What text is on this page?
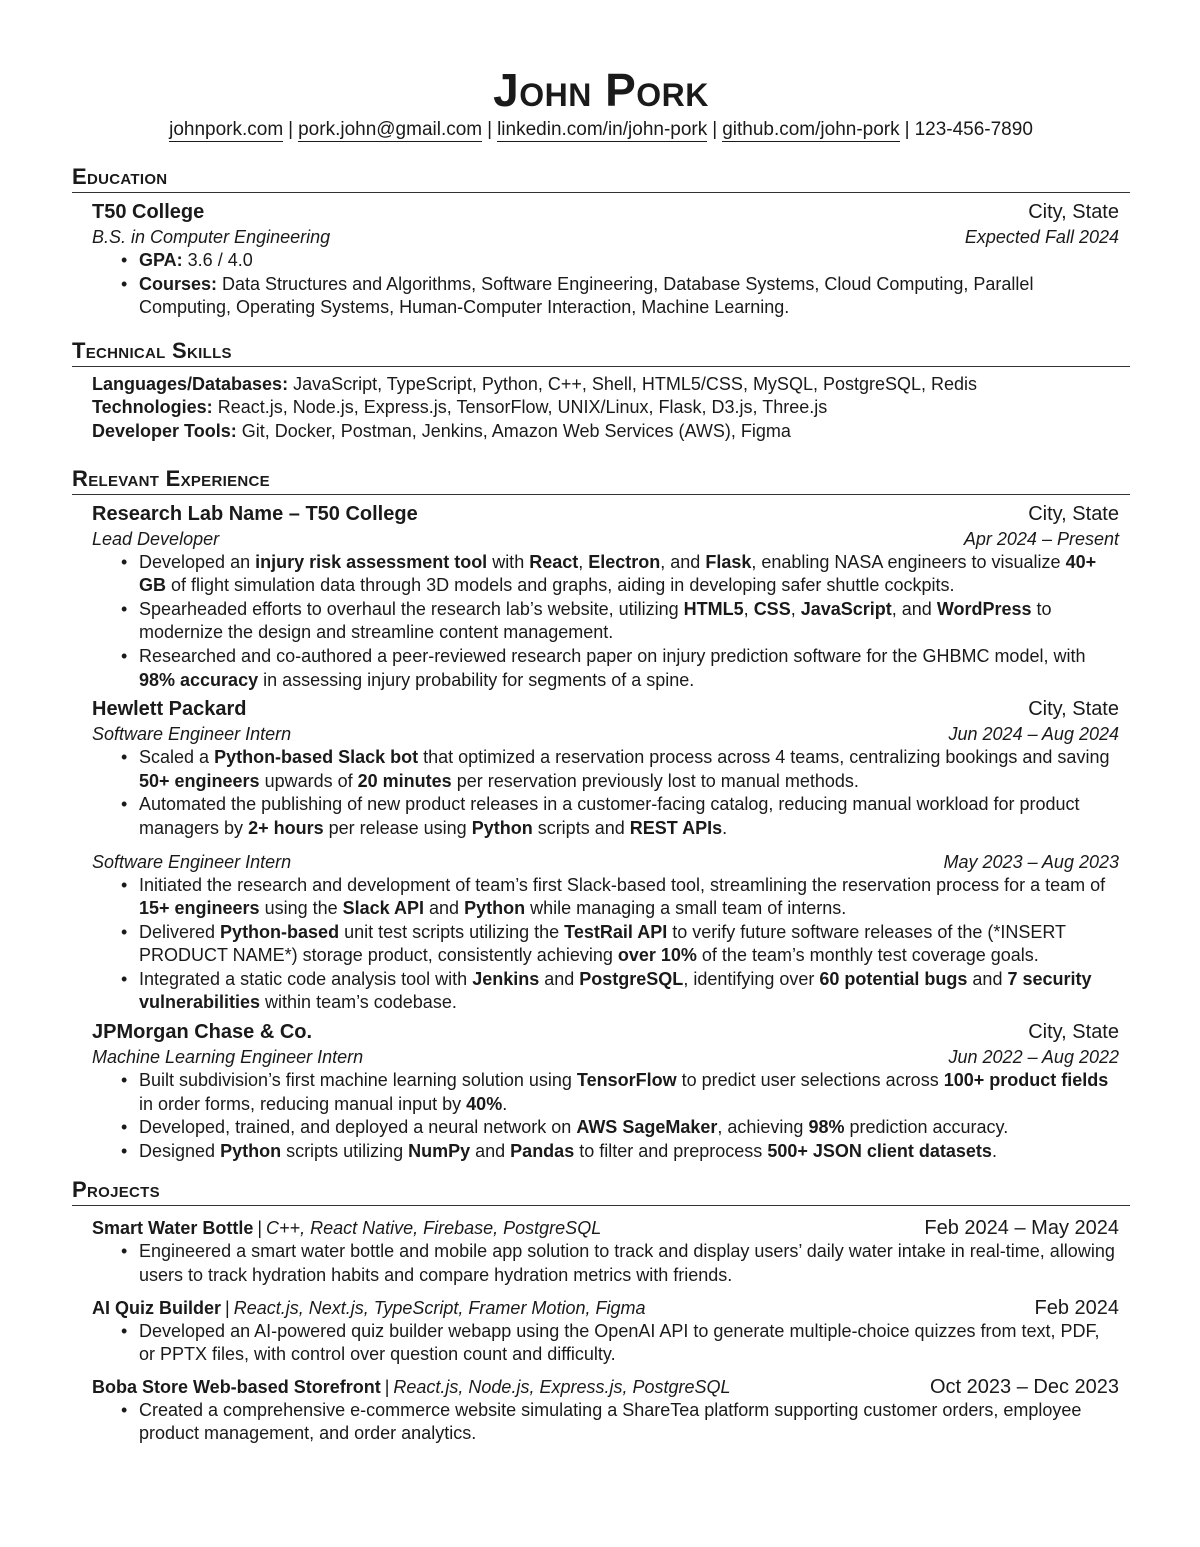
John Pork
johnpork.com | pork.john@gmail.com | linkedin.com/in/john-pork | github.com/john-pork | 123-456-7890
Education
T50 College	City, State
B.S. in Computer Engineering	Expected Fall 2024
• GPA: 3.6 / 4.0
• Courses: Data Structures and Algorithms, Software Engineering, Database Systems, Cloud Computing, Parallel Computing, Operating Systems, Human-Computer Interaction, Machine Learning.
Technical Skills
Languages/Databases: JavaScript, TypeScript, Python, C++, Shell, HTML5/CSS, MySQL, PostgreSQL, Redis
Technologies: React.js, Node.js, Express.js, TensorFlow, UNIX/Linux, Flask, D3.js, Three.js
Developer Tools: Git, Docker, Postman, Jenkins, Amazon Web Services (AWS), Figma
Relevant Experience
Research Lab Name – T50 College	City, State
Lead Developer	Apr 2024 – Present
• Developed an injury risk assessment tool with React, Electron, and Flask, enabling NASA engineers to visualize 40+ GB of flight simulation data through 3D models and graphs, aiding in developing safer shuttle cockpits.
• Spearheaded efforts to overhaul the research lab’s website, utilizing HTML5, CSS, JavaScript, and WordPress to modernize the design and streamline content management.
• Researched and co-authored a peer-reviewed research paper on injury prediction software for the GHBMC model, with 98% accuracy in assessing injury probability for segments of a spine.
Hewlett Packard	City, State
Software Engineer Intern	Jun 2024 – Aug 2024
• Scaled a Python-based Slack bot that optimized a reservation process across 4 teams, centralizing bookings and saving 50+ engineers upwards of 20 minutes per reservation previously lost to manual methods.
• Automated the publishing of new product releases in a customer-facing catalog, reducing manual workload for product managers by 2+ hours per release using Python scripts and REST APIs.
Software Engineer Intern	May 2023 – Aug 2023
• Initiated the research and development of team’s first Slack-based tool, streamlining the reservation process for a team of 15+ engineers using the Slack API and Python while managing a small team of interns.
• Delivered Python-based unit test scripts utilizing the TestRail API to verify future software releases of the (*INSERT PRODUCT NAME*) storage product, consistently achieving over 10% of the team’s monthly test coverage goals.
• Integrated a static code analysis tool with Jenkins and PostgreSQL, identifying over 60 potential bugs and 7 security vulnerabilities within team’s codebase.
JPMorgan Chase & Co.	City, State
Machine Learning Engineer Intern	Jun 2022 – Aug 2022
• Built subdivision’s first machine learning solution using TensorFlow to predict user selections across 100+ product fields in order forms, reducing manual input by 40%.
• Developed, trained, and deployed a neural network on AWS SageMaker, achieving 98% prediction accuracy.
• Designed Python scripts utilizing NumPy and Pandas to filter and preprocess 500+ JSON client datasets.
Projects
Smart Water Bottle | C++, React Native, Firebase, PostgreSQL	Feb 2024 – May 2024
• Engineered a smart water bottle and mobile app solution to track and display users’ daily water intake in real-time, allowing users to track hydration habits and compare hydration metrics with friends.
AI Quiz Builder | React.js, Next.js, TypeScript, Framer Motion, Figma	Feb 2024
• Developed an AI-powered quiz builder webapp using the OpenAI API to generate multiple-choice quizzes from text, PDF, or PPTX files, with control over question count and difficulty.
Boba Store Web-based Storefront | React.js, Node.js, Express.js, PostgreSQL	Oct 2023 – Dec 2023
• Created a comprehensive e-commerce website simulating a ShareTea platform supporting customer orders, employee product management, and order analytics.
